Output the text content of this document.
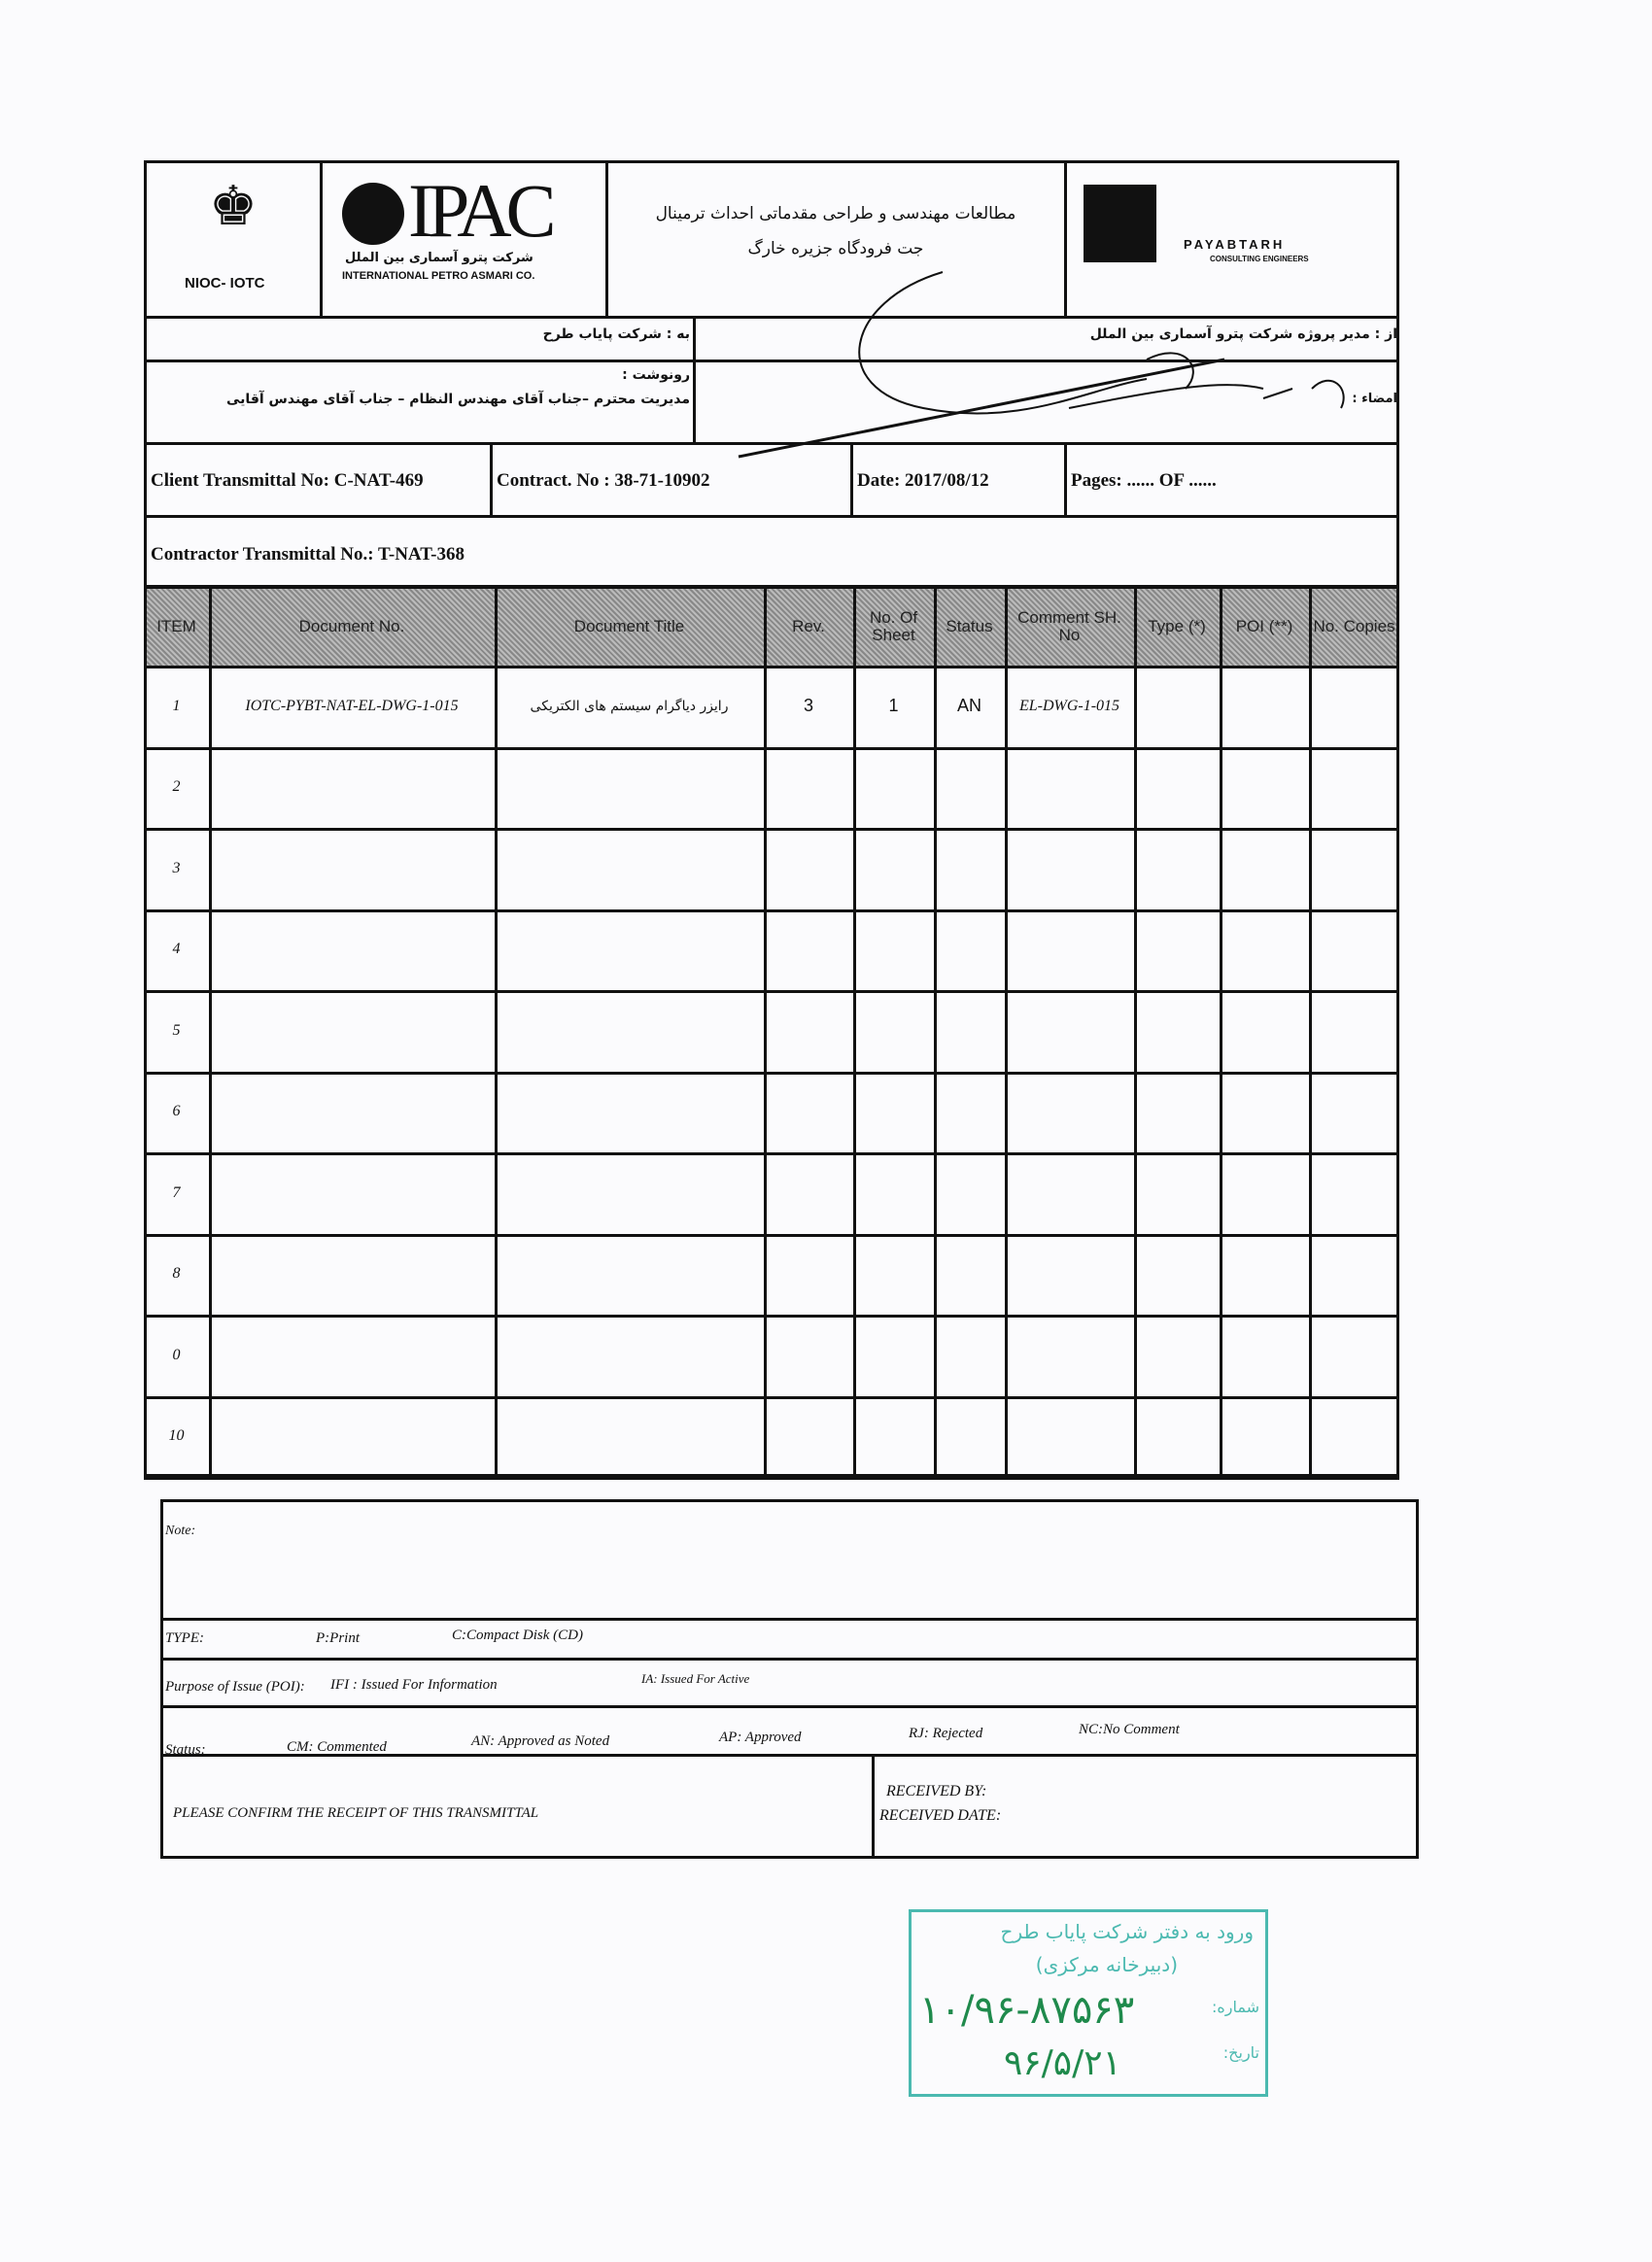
♚
NIOC- IOTC
IPAC
شرکت پترو آسماری بین الملل
INTERNATIONAL PETRO ASMARI CO.
مطالعات مهندسی و طراحی مقدماتی احداث ترمینال
جت فرودگاه جزیره خارگ	PAYABTARH
CONSULTING ENGINEERS
به : شرکت پایاب طرح	از : مدیر پروژه شرکت پترو آسماری بین الملل
رونوشت :
مدیریت محترم –جناب آقای مهندس النظام – جناب آقای مهندس آقایی	امضاء :
Client Transmittal No: C-NAT-469	Contract. No : 38-71-10902	Date: 2017/08/12	Pages: ...... OF ......
Contractor Transmittal No.: T-NAT-368
ITEM	Document No.	Document Title	Rev.	No. Of Sheet	Status	Comment SH. No	Type (*)	POI (**)	No. Copies
1	IOTC-PYBT-NAT-EL-DWG-1-015	رایزر دیاگرام سیستم های الکتریکی	3	1	AN	EL-DWG-1-015
2
3
4
5
6
7
8
0
10
Note:
TYPE:	P:Print	C:Compact Disk (CD)
Purpose of Issue (POI): IFI : Issued For Information	IA: Issued For Active
Status:	CM: Commented	AN: Approved as Noted	AP: Approved	RJ: Rejected	NC:No Comment
PLEASE CONFIRM THE RECEIPT OF THIS TRANSMITTAL
RECEIVED BY:
RECEIVED DATE:
ورود به دفتر شرکت پایاب طرح
(دبیرخانه مرکزی)
شماره:
تاریخ:
۱۰/۹۶-۸۷۵۶۳
۹۶/۵/۲۱
